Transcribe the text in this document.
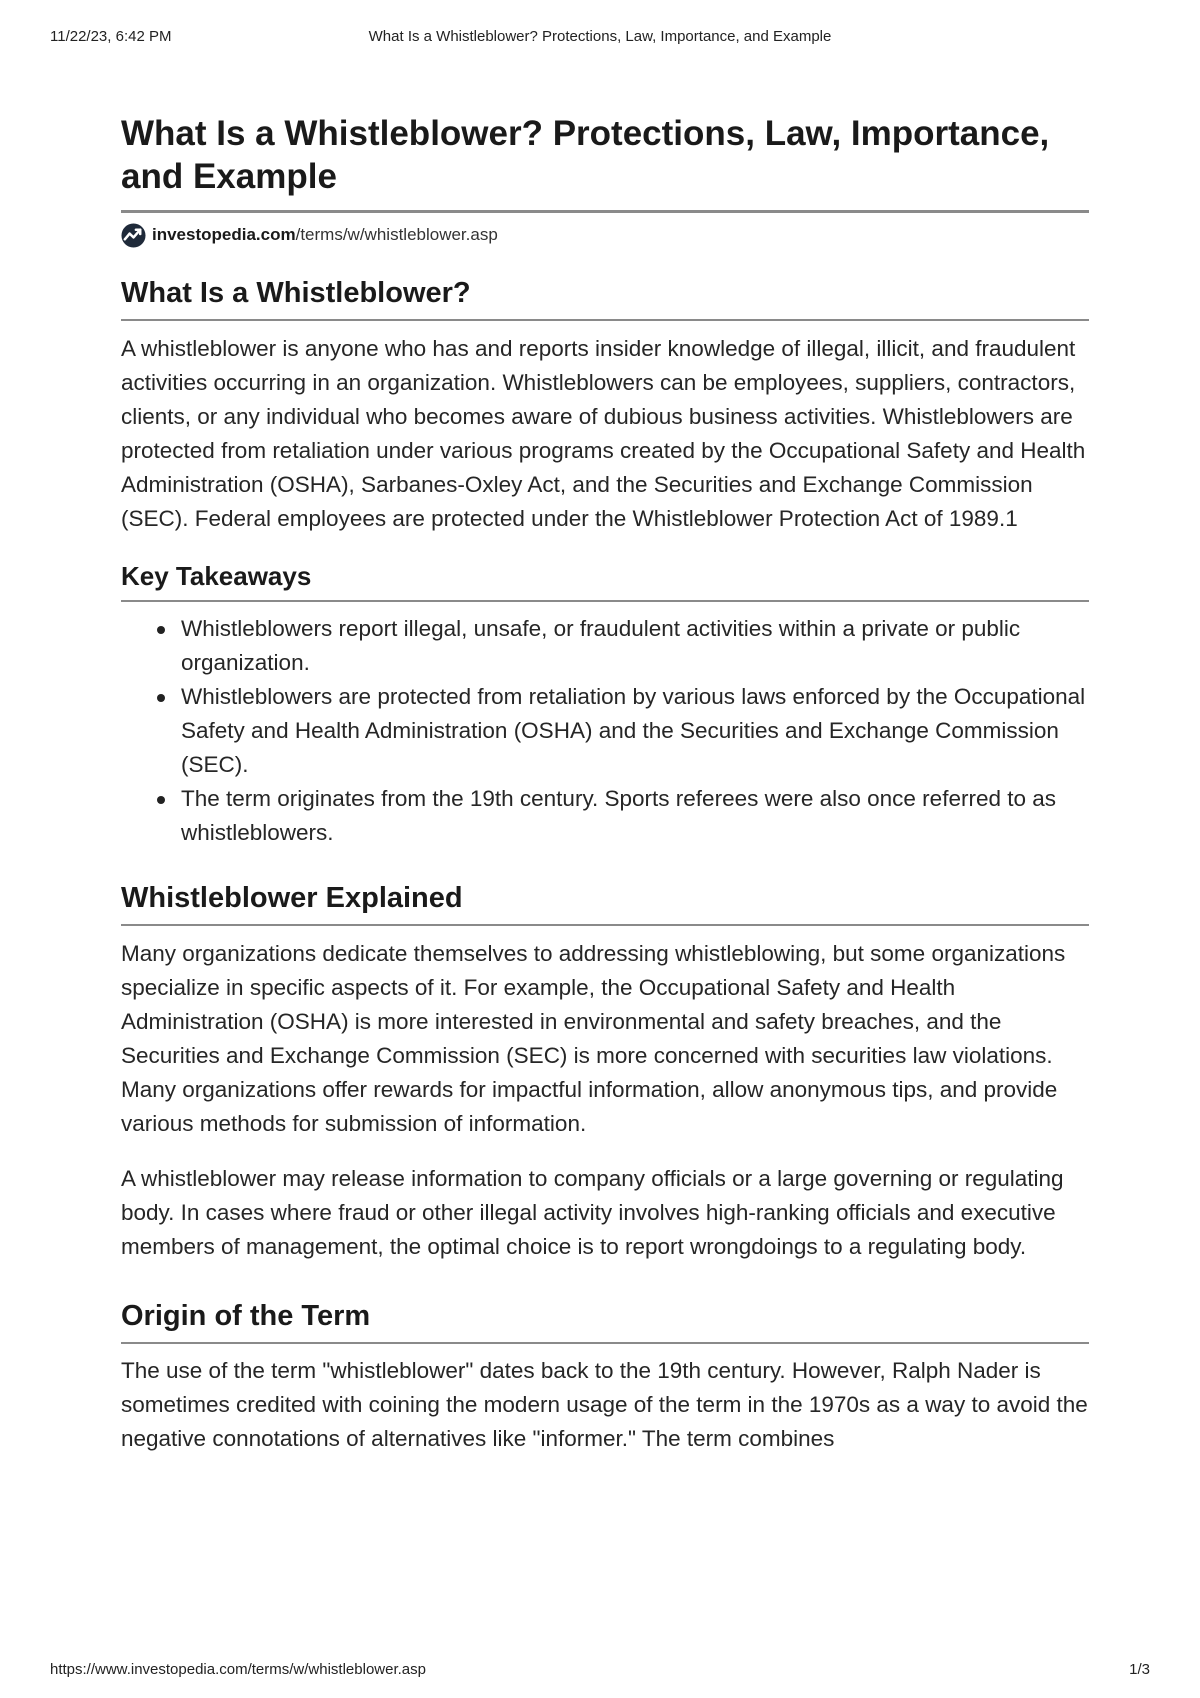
11/22/23, 6:42 PM	What Is a Whistleblower? Protections, Law, Importance, and Example
What Is a Whistleblower? Protections, Law, Importance, and Example
investopedia.com /terms/w/whistleblower.asp
What Is a Whistleblower?

A whistleblower is anyone who has and reports insider knowledge of illegal, illicit, and fraudulent activities occurring in an organization. Whistleblowers can be employees, suppliers, contractors, clients, or any individual who becomes aware of dubious business activities. Whistleblowers are protected from retaliation under various programs created by the Occupational Safety and Health Administration (OSHA), Sarbanes-Oxley Act, and the Securities and Exchange Commission (SEC). Federal employees are protected under the Whistleblower Protection Act of 1989.1

Key Takeaways
Whistleblowers report illegal, unsafe, or fraudulent activities within a private or public organization.
Whistleblowers are protected from retaliation by various laws enforced by the Occupational Safety and Health Administration (OSHA) and the Securities and Exchange Commission (SEC).
The term originates from the 19th century. Sports referees were also once referred to as whistleblowers.
Whistleblower Explained

Many organizations dedicate themselves to addressing whistleblowing, but some organizations specialize in specific aspects of it. For example, the Occupational Safety and Health Administration (OSHA) is more interested in environmental and safety breaches, and the Securities and Exchange Commission (SEC) is more concerned with securities law violations. Many organizations offer rewards for impactful information, allow anonymous tips, and provide various methods for submission of information.

A whistleblower may release information to company officials or a large governing or regulating body. In cases where fraud or other illegal activity involves high-ranking officials and executive members of management, the optimal choice is to report wrongdoings to a regulating body.

Origin of the Term

The use of the term "whistleblower" dates back to the 19th century. However, Ralph Nader is sometimes credited with coining the modern usage of the term in the 1970s as a way to avoid the negative connotations of alternatives like "informer." The term combines

https://www.investopedia.com/terms/w/whistleblower.asp	1/3
